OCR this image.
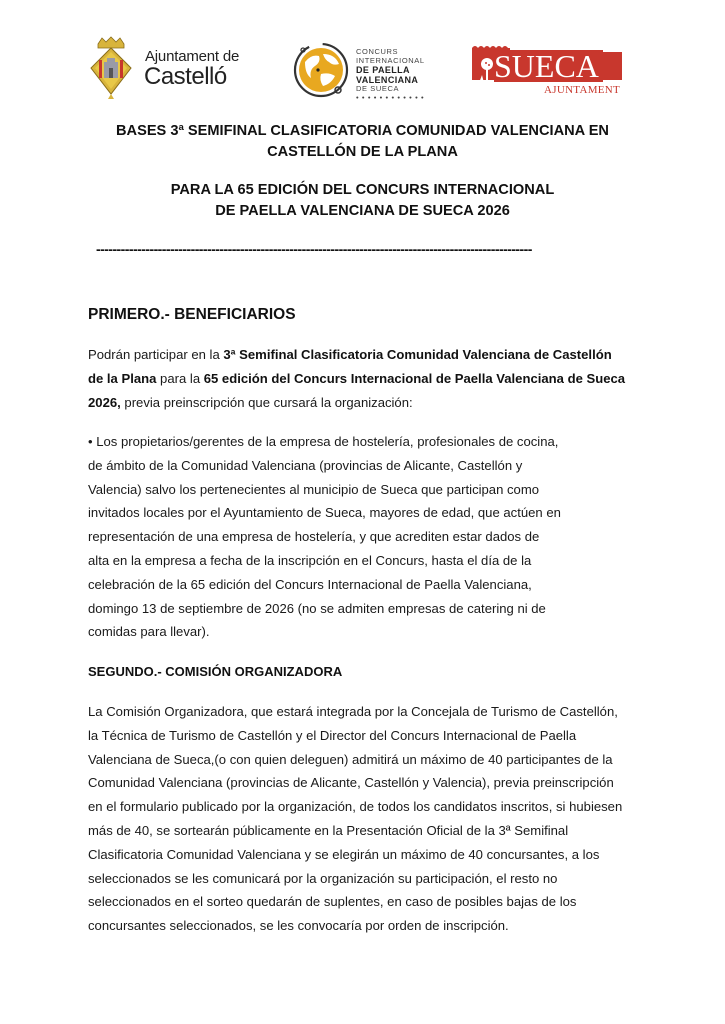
Ajuntament de
Castelló
CONCURS
INTERNACIONAL
DE PAELLA
VALENCIANA
DE SUECA
• • • • • • • • • • • •
SUECA
AJUNTAMENT
BASES 3ª SEMIFINAL CLASIFICATORIA COMUNIDAD VALENCIANA EN
CASTELLÓN DE LA PLANA
PARA LA 65 EDICIÓN DEL CONCURS INTERNACIONAL
DE PAELLA VALENCIANA DE SUECA 2026
----------------------------------------------------------------------------------------------------------
PRIMERO.- BENEFICIARIOS
Podrán participar en la 3ª Semifinal Clasificatoria Comunidad Valenciana de Castellón
de la Plana para la 65 edición del Concurs Internacional de Paella Valenciana de Sueca
2026, previa preinscripción que cursará la organización:
• Los propietarios/gerentes de la empresa de hostelería, profesionales de cocina,
de ámbito de la Comunidad Valenciana (provincias de Alicante, Castellón y
Valencia) salvo los pertenecientes al municipio de Sueca que participan como
invitados locales por el Ayuntamiento de Sueca, mayores de edad, que actúen en
representación de una empresa de hostelería, y que acrediten estar dados de
alta en la empresa a fecha de la inscripción en el Concurs, hasta el día de la
celebración de la 65 edición del Concurs Internacional de Paella Valenciana,
domingo 13 de septiembre de 2026 (no se admiten empresas de catering ni de
comidas para llevar).
SEGUNDO.- COMISIÓN ORGANIZADORA
La Comisión Organizadora, que estará integrada por la Concejala de Turismo de Castellón,
la Técnica de Turismo de Castellón y el Director del Concurs Internacional de Paella
Valenciana de Sueca,(o con quien deleguen) admitirá un máximo de 40 participantes de la
Comunidad Valenciana (provincias de Alicante, Castellón y Valencia), previa preinscripción
en el formulario publicado por la organización, de todos los candidatos inscritos, si hubiesen
más de 40, se sortearán públicamente en la Presentación Oficial de la 3ª Semifinal
Clasificatoria Comunidad Valenciana y se elegirán un máximo de 40 concursantes, a los
seleccionados se les comunicará por la organización su participación, el resto no
seleccionados en el sorteo quedarán de suplentes, en caso de posibles bajas de los
concursantes seleccionados, se les convocaría por orden de inscripción.
